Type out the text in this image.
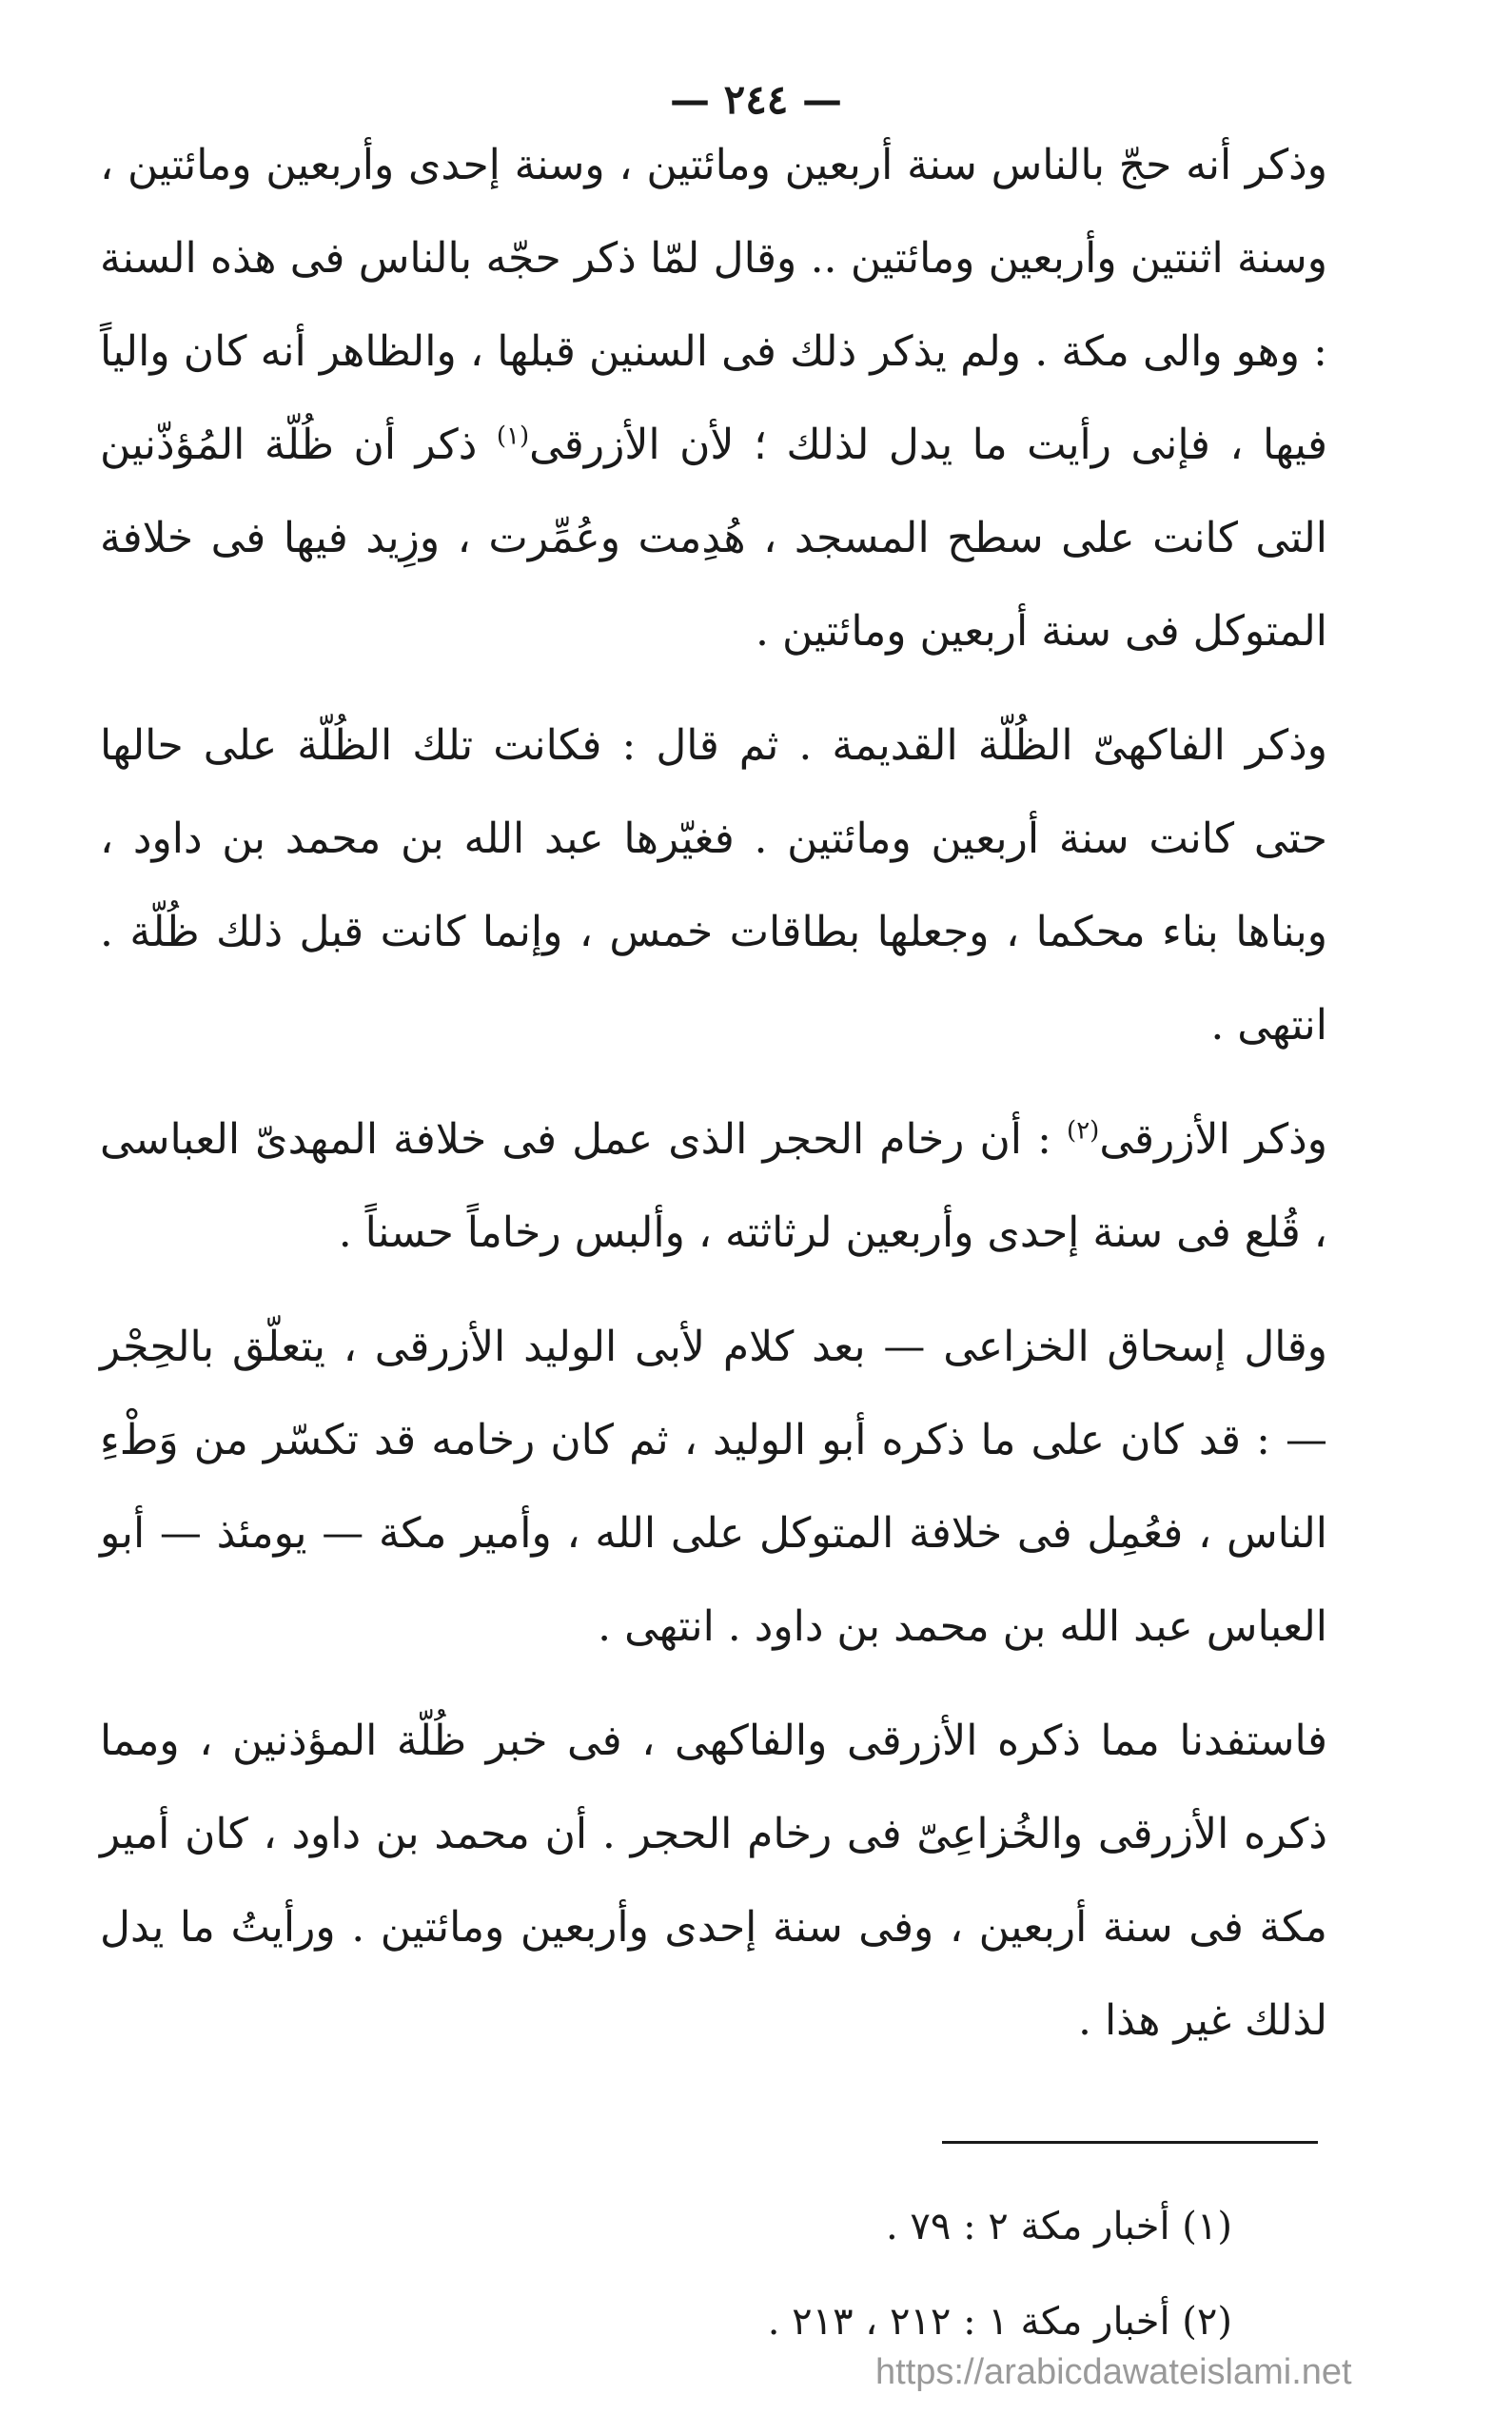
— ٢٤٤ —

وذكر أنه حجّ بالناس سنة أربعين ومائتين ، وسنة إحدى وأربعين ومائتين ، وسنة اثنتين وأربعين ومائتين .. وقال لمّا ذكر حجّه بالناس فى هذه السنة : وهو والى مكة . ولم يذكر ذلك فى السنين قبلها ، والظاهر أنه كان والياً فيها ، فإنى رأيت ما يدل لذلك ؛ لأن الأزرقى$^{(١)}$ ذكر أن ظُلّة المُؤذّنين التى كانت على سطح المسجد ، هُدِمت وعُمِّرت ، وزِيد فيها فى خلافة المتوكل فى سنة أربعين ومائتين .

وذكر الفاكهىّ الظُلّة القديمة . ثم قال : فكانت تلك الظُلّة على حالها حتى كانت سنة أربعين ومائتين . فغيّرها عبد الله بن محمد بن داود ، وبناها بناء محكما ، وجعلها بطاقات خمس ، وإنما كانت قبل ذلك ظُلّة . انتهى .

وذكر الأزرقى$^{(٢)}$ : أن رخام الحجر الذى عمل فى خلافة المهدىّ العباسى ، قُلع فى سنة إحدى وأربعين لرثاثته ، وألبس رخاماً حسناً .

وقال إسحاق الخزاعى — بعد كلام لأبى الوليد الأزرقى ، يتعلّق بالحِجْر — : قد كان على ما ذكره أبو الوليد ، ثم كان رخامه قد تكسّر من وَطْءِ الناس ، فعُمِل فى خلافة المتوكل على الله ، وأمير مكة — يومئذ — أبو العباس عبد الله بن محمد بن داود . انتهى .

فاستفدنا مما ذكره الأزرقى والفاكهى ، فى خبر ظُلّة المؤذنين ، ومما ذكره الأزرقى والخُزاعِىّ فى رخام الحجر . أن محمد بن داود ، كان أمير مكة فى سنة أربعين ، وفى سنة إحدى وأربعين ومائتين . ورأيتُ ما يدل لذلك غير هذا .

(١) أخبار مكة ٢ : ٧٩ .

(٢) أخبار مكة ١ : ٢١٢ ، ٢١٣ .

https://arabicdawateislami.net
